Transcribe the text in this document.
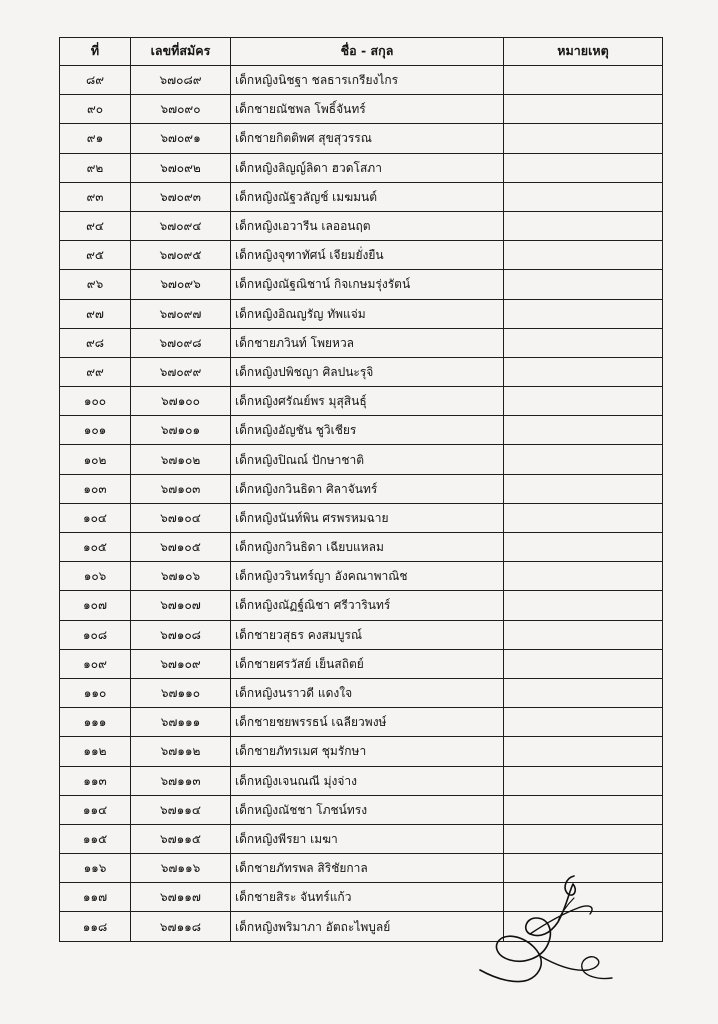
ที่	เลขที่สมัคร	ชื่อ - สกุล	หมายเหตุ
๘๙	๖๗๐๘๙	เด็กหญิงนิชฐา ชลธารเกรียงไกร	
๙๐	๖๗๐๙๐	เด็กชายณัชพล โพธิ์จันทร์	
๙๑	๖๗๐๙๑	เด็กชายกิตติพศ สุขสุวรรณ	
๙๒	๖๗๐๙๒	เด็กหญิงลิญญ์ลิดา ฮวดโสภา	
๙๓	๖๗๐๙๓	เด็กหญิงณัฐวลัญช์ เมฆมนต์	
๙๔	๖๗๐๙๔	เด็กหญิงเอวารีน เลออนฤต	
๙๕	๖๗๐๙๕	เด็กหญิงจุฑาทัศน์ เจียมยั่งยืน	
๙๖	๖๗๐๙๖	เด็กหญิงณัฐณิชาน์ กิจเกษมรุ่งรัตน์	
๙๗	๖๗๐๙๗	เด็กหญิงอิณญรัญ ทัพแจ่ม	
๙๘	๖๗๐๙๘	เด็กชายภวินท์ โพยหวล	
๙๙	๖๗๐๙๙	เด็กหญิงปพิชญา ศิลปนะรุจิ	
๑๐๐	๖๗๑๐๐	เด็กหญิงศรัณย์พร มุสุสินธุ์	
๑๐๑	๖๗๑๐๑	เด็กหญิงอัญชัน ชูวิเชียร	
๑๐๒	๖๗๑๐๒	เด็กหญิงปิณณ์ ปักษาชาติ	
๑๐๓	๖๗๑๐๓	เด็กหญิงกวินธิดา ศิลาจันทร์	
๑๐๔	๖๗๑๐๔	เด็กหญิงนันท์พิน ศรพรหมฉาย	
๑๐๕	๖๗๑๐๕	เด็กหญิงกวินธิดา เฉียบแหลม	
๑๐๖	๖๗๑๐๖	เด็กหญิงวรินทร์ญา อังคณาพาณิช	
๑๐๗	๖๗๑๐๗	เด็กหญิงณัฏฐ์ณิชา ศรีวารินทร์	
๑๐๘	๖๗๑๐๘	เด็กชายวสุธร คงสมบูรณ์	
๑๐๙	๖๗๑๐๙	เด็กชายศรวัสย์ เย็นสถิตย์	
๑๑๐	๖๗๑๑๐	เด็กหญิงนราวดี แดงใจ	
๑๑๑	๖๗๑๑๑	เด็กชายชยพรรธน์ เฉลียวพงษ์	
๑๑๒	๖๗๑๑๒	เด็กชายภัทรเมศ ชุมรักษา	
๑๑๓	๖๗๑๑๓	เด็กหญิงเจนณณี มุ่งจ่าง	
๑๑๔	๖๗๑๑๔	เด็กหญิงณัชชา โภชน์ทรง	
๑๑๕	๖๗๑๑๕	เด็กหญิงพีรยา เมฆา	
๑๑๖	๖๗๑๑๖	เด็กชายภัทรพล สิริชัยกาล	
๑๑๗	๖๗๑๑๗	เด็กชายสิระ จันทร์แก้ว	
๑๑๘	๖๗๑๑๘	เด็กหญิงพริมาภา อัตถะไพบูลย์	
